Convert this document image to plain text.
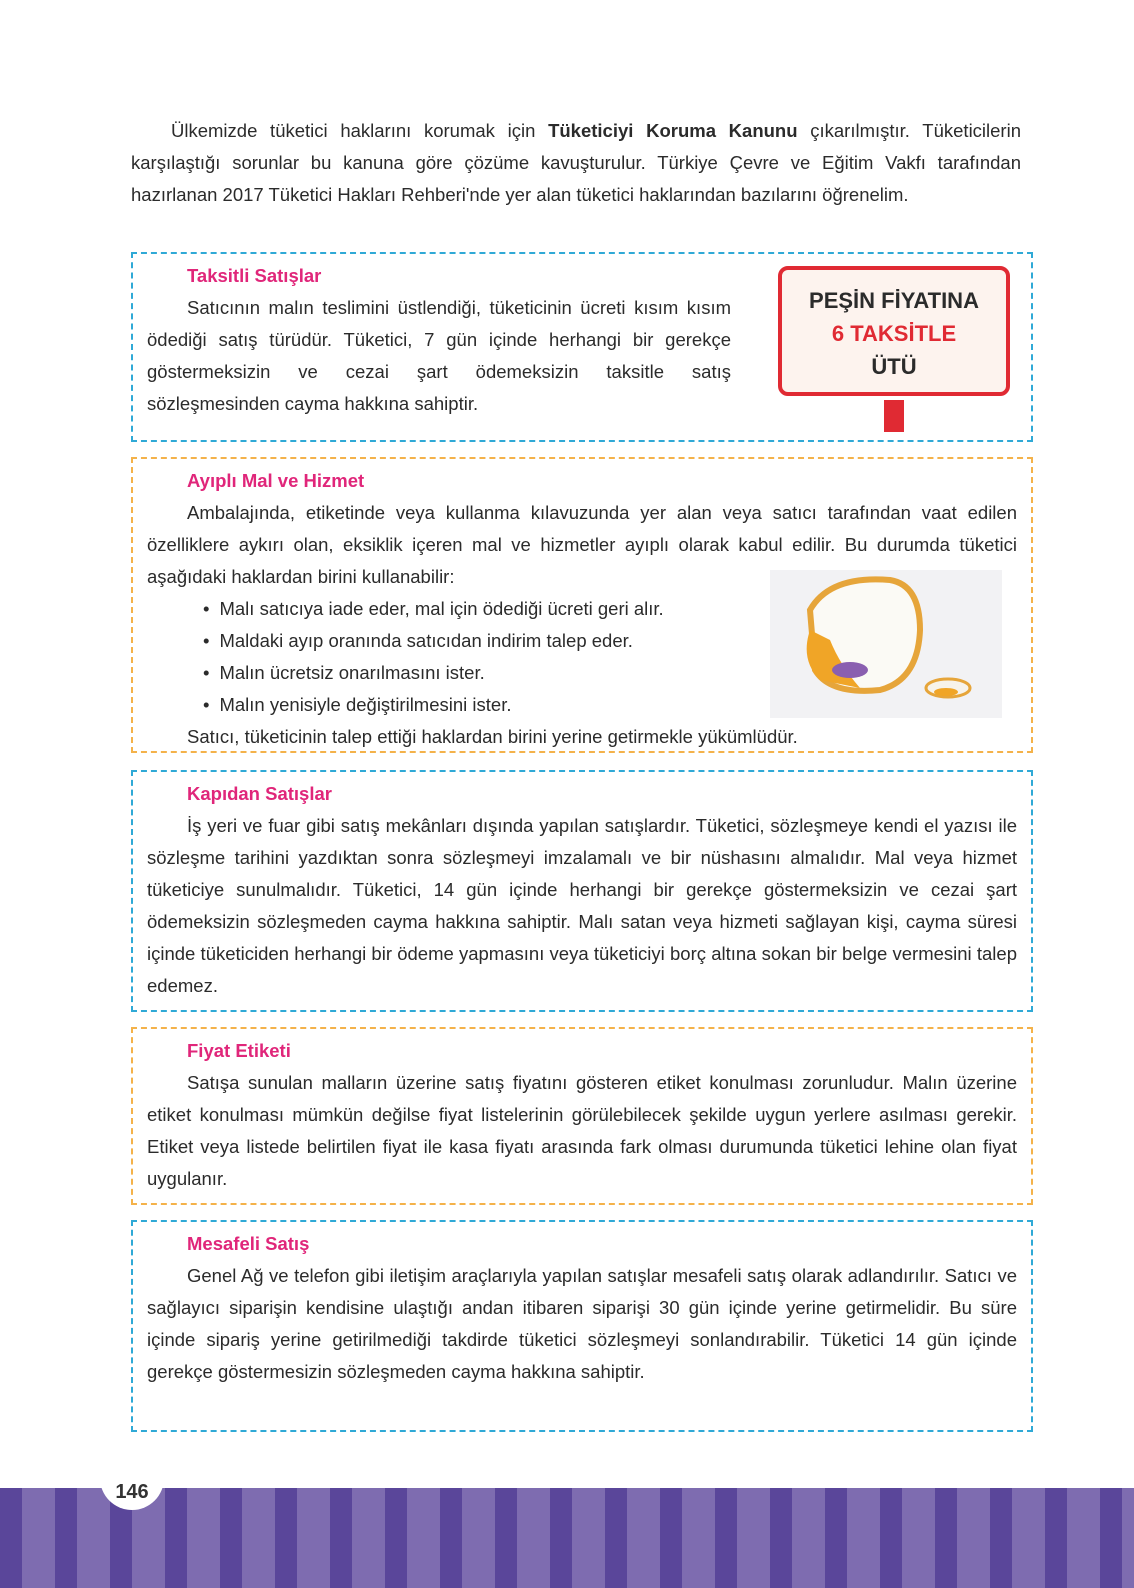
Ülkemizde tüketici haklarını korumak için Tüketiciyi Koruma Kanunu çıkarılmıştır. Tüketicilerin karşılaştığı sorunlar bu kanuna göre çözüme kavuşturulur. Türkiye Çevre ve Eğitim Vakfı tarafından hazırlanan 2017 Tüketici Hakları Rehberi'nde yer alan tüketici haklarından bazılarını öğrenelim.

Taksitli Satışlar
Satıcının malın teslimini üstlendiği, tüketicinin ücreti kısım kısım ödediği satış türüdür. Tüketici, 7 gün içinde herhangi bir gerekçe göstermeksizin ve cezai şart ödemeksizin taksitle satış sözleşmesinden cayma hakkına sahiptir.
PEŞİN FİYATINA
6 TAKSİTLE
ÜTÜ
Ayıplı Mal ve Hizmet
Ambalajında, etiketinde veya kullanma kılavuzunda yer alan veya satıcı tarafından vaat edilen özelliklere aykırı olan, eksiklik içeren mal ve hizmetler ayıplı olarak kabul edilir. Bu durumda tüketici aşağıdaki haklardan birini kullanabilir:
• Malı satıcıya iade eder, mal için ödediği ücreti geri alır.
• Maldaki ayıp oranında satıcıdan indirim talep eder.
• Malın ücretsiz onarılmasını ister.
• Malın yenisiyle değiştirilmesini ister.
Satıcı, tüketicinin talep ettiği haklardan birini yerine getirmekle yükümlüdür.
Kapıdan Satışlar
İş yeri ve fuar gibi satış mekânları dışında yapılan satışlardır. Tüketici, sözleşmeye kendi el yazısı ile sözleşme tarihini yazdıktan sonra sözleşmeyi imzalamalı ve bir nüshasını almalıdır. Mal veya hizmet tüketiciye sunulmalıdır. Tüketici, 14 gün içinde herhangi bir gerekçe göstermeksizin ve cezai şart ödemeksizin sözleşmeden cayma hakkına sahiptir. Malı satan veya hizmeti sağlayan kişi, cayma süresi içinde tüketiciden herhangi bir ödeme yapmasını veya tüketiciyi borç altına sokan bir belge vermesini talep edemez.
Fiyat Etiketi
Satışa sunulan malların üzerine satış fiyatını gösteren etiket konulması zorunludur. Malın üzerine etiket konulması mümkün değilse fiyat listelerinin görülebilecek şekilde uygun yerlere asılması gerekir. Etiket veya listede belirtilen fiyat ile kasa fiyatı arasında fark olması durumunda tüketici lehine olan fiyat uygulanır.
Mesafeli Satış
Genel Ağ ve telefon gibi iletişim araçlarıyla yapılan satışlar mesafeli satış olarak adlandırılır. Satıcı ve sağlayıcı siparişin kendisine ulaştığı andan itibaren siparişi 30 gün içinde yerine getirmelidir. Bu süre içinde sipariş yerine getirilmediği takdirde tüketici sözleşmeyi sonlandırabilir. Tüketici 14 gün içinde gerekçe göstermesizin sözleşmeden cayma hakkına sahiptir.
146
